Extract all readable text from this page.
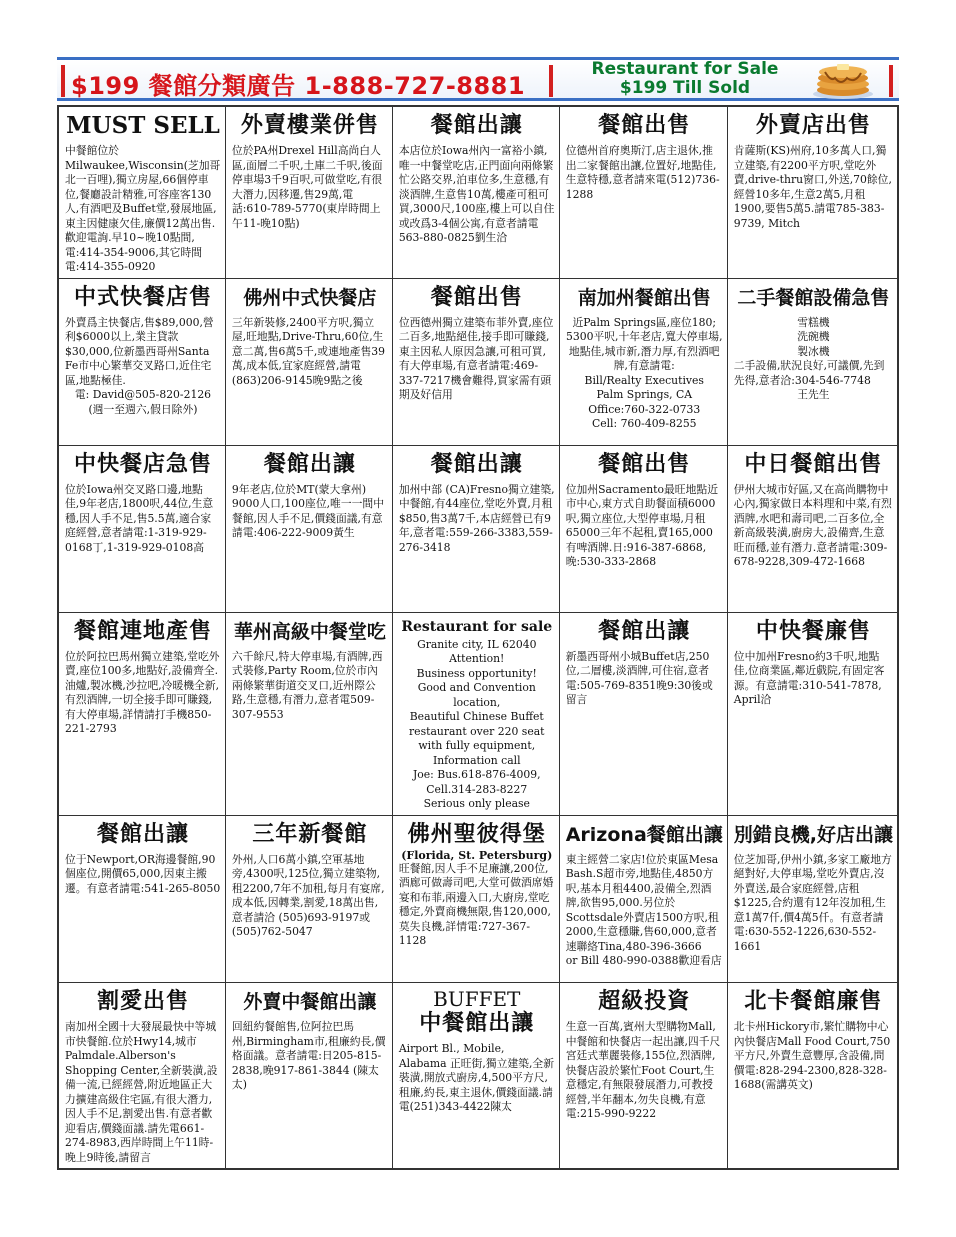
$199 餐館分類廣告 1-888-727-8881
Restaurant for Sale
$199 Till Sold
MUST SELL
中餐館位於Milwaukee,Wisconsin(芝加哥北一百哩),獨立房屋,66個停車位,餐廳設計精雅,可容座客130人,有酒吧及Buffet堂,發展地區,東主因健康欠佳,廉價12萬出售.歡迎電詢.早10~晚10點間,電:414-354-9006,其它時間電:414-355-0920
外賣樓業併售
位於PA州Drexel Hill高尚白人區,面層二千呎,土庫二千呎,後面停車場3千9百呎,可做堂吃,有很大潛力,因移遷,售29萬,電話:610-789-5770(東岸時間上午11-晚10點)
餐館出讓
本店位於Iowa州內一富裕小鎮,唯一中餐堂吃店,正門面向兩條繁忙公路交界,泊車位多,生意穩,有淡酒牌,生意售10萬,樓產可租可買,3000尺,100座,樓上可以自住或改爲3-4個公寓,有意者請電563-880-0825劉生洽
餐館出售
位德州首府奧斯汀,店主退休,推出二家餐館出讓,位置好,地點佳,生意特穩,意者請來電(512)736-1288
外賣店出售
肯薩斯(KS)州府,10多萬人口,獨立建築,有2200平方呎,堂吃外賣,drive-thru窗口,外送,70餘位,經營10多年,生意2萬5,月租1900,要售5萬5.請電785-383-9739, Mitch
中式快餐店售
外賣爲主快餐店,售$89,000,營利$6000以上,業主貸款$30,000,位新墨西哥州Santa Fe市中心繁華交叉路口,近住宅區,地點極佳.
電: David@505-820-2126
(週一至週六,假日除外)
佛州中式快餐店
三年新裝修,2400平方呎,獨立屋,旺地點,Drive-Thru,60位,生意二萬,售6萬5千,或連地產售39萬,成本低,宜家庭經營,請電(863)206-9145晚9點之後
餐館出售
位西德州獨立建築布菲外賣,座位二百多,地點絕佳,接手即可賺錢,東主因私人原因急讓,可租可買,有大停車場,有意者請電:469-337-7217機會難得,買家需有頭期及好信用
南加州餐館出售
近Palm Springs區,座位180;
5300平呎,十年老店,寬大停車場,地點佳,城市新,潛力厚,有烈酒吧牌,有意請電:
Bill/Realty Executives
Palm Springs, CA
Office:760-322-0733
Cell: 760-409-8255
二手餐館設備急售
雪糕機
洗碗機
製冰機
二手設備,狀況良好,可議價,先到先得,意者洽:304-546-7748
王先生
中快餐店急售
位於Iowa州交叉路口邊,地點佳,9年老店,1800呎,44位,生意穩,因人手不足,售5.5萬,適合家庭經營,意者請電:1-319-929-0168丁,1-319-929-0108高
餐館出讓
9年老店,位於MT(蒙大拿州) 9000人口,100座位,唯一一間中餐館,因人手不足,價錢面議,有意請電:406-222-9009黃生
餐館出讓
加州中部 (CA)Fresno獨立建築,中餐館,有44座位,堂吃外賣,月租$850,售3萬7千,本店經營已有9年,意者電:559-266-3383,559-276-3418
餐館出售
位加州Sacramento最旺地點近市中心,東方式自助餐面積6000呎,獨立座位,大型停車場,月租65000三年不起租,賣165,000有啤酒牌.日:916-387-6868,晚:530-333-2868
中日餐館出售
伊州大城市好區,又在高尚購物中心內,獨家做日本料理和中菜,有烈酒牌,水吧和壽司吧,二百多位,全新高級裝潢,廚房大,設備齊,生意旺而穩,並有潛力.意者請電:309-678-9228,309-472-1668
餐館連地產售
位於阿拉巴馬州獨立建築,堂吃外賣,座位100多,地點好,設備齊全.油爐,製冰機,沙拉吧,冷暖機全新,有烈酒牌,一切全接手即可賺錢,有大停車場,詳情請打手機850-221-2793
華州高級中餐堂吃
六千餘尺,特大停車場,有酒牌,西式裝修,Party Room,位於市內兩條繁華街道交叉口,近州際公路,生意穩,有潛力,意者電509-307-9553
Restaurant for sale
Granite city, IL 62040
Attention!
Business opportunity!
Good and Convention location,
Beautiful Chinese Buffet restaurant over 220 seat with fully equipment, Information call
Joe: Bus.618-876-4009,
Cell.314-283-8227
Serious only please
餐館出讓
新墨西哥州小城Buffet店,250位,二層樓,淡酒牌,可住宿,意者電:505-769-8351晚9:30後或留言
中快餐廉售
位中加州Fresno約3千呎,地點佳,位商業區,鄰近戲院,有固定客源。有意請電:310-541-7878, April洽
餐館出讓
位于Newport,OR海邊餐館,90個座位,開價65,000,因東主搬遷。有意者請電:541-265-8050
三年新餐館
外州,人口6萬小鎮,空軍基地旁,4300呎,125位,獨立建築物,租2200,7年不加租,每月有宴席,成本低,因轉業,割愛,18萬出售,意者請洽 (505)693-9197或(505)762-5047
佛州聖彼得堡
(Florida, St. Petersburg)
旺餐館,因人手不足廉讓,200位,酒廊可做壽司吧,大堂可做酒席婚宴和布菲,兩邊入口,大廚房,堂吃穩定,外賣商機無限,售120,000,莫失良機,詳情電:727-367-1128
Arizona餐館出讓
東主經營二家店!位於東區Mesa Bash.S超市旁,地點佳,4850方呎,基本月租4400,設備全,烈酒牌,欲售95,000.另位於Scottsdale外賣店1500方呎,租2000,生意穩賺,售60,000,意者速聯絡Tina,480-396-3666
or Bill 480-990-0388歡迎看店
別錯良機,好店出讓
位芝加哥,伊州小鎮,多家工廠地方絕對好,大停車場,堂吃外賣店,沒外賣送,最合家庭經營,店租$1225,合約還有12年沒加租,生意1萬7仟,價4萬5仟。有意者請電:630-552-1226,630-552-1661
割愛出售
南加州全國十大發展最快中等城市快餐館.位於Hwy14,城市Palmdale.Alberson's Shopping Center,全新裝潢,設備一流,已經經營,附近地區正大力擴建高級住宅區,有很大潛力,因人手不足,割愛出售.有意者歡迎看店,價錢面議.請先電661-274-8983,西岸時間上午11時-晚上9時後,請留言
外賣中餐館出讓
回紐約餐館售,位阿拉巴馬州,Birmingham市,租廉約長,價格面議。意者請電:日205-815-2838,晚917-861-3844 (陳太太)
BUFFET
中餐館出讓
Airport Bl., Mobile, Alabama 正旺街,獨立建築,全新裝潢,開放式廚房,4,500平方尺,租廉,約長,東主退休,價錢面議.請電(251)343-4422陳太
超級投資
生意一百萬,賓州大型購物Mall,中餐館和快餐店一起出讓,四千尺宮廷式華麗裝修,155位,烈酒牌,快餐店設於繁忙Foot Court,生意穩定,有無限發展潛力,可教授經營,半年翻本,勿失良機,有意電:215-990-9222
北卡餐館廉售
北卡州Hickory市,繁忙購物中心內快餐店Mall Food Court,750平方尺,外賣生意豐厚,含設備,問價電:828-294-2300,828-328-1688(需講英文)
